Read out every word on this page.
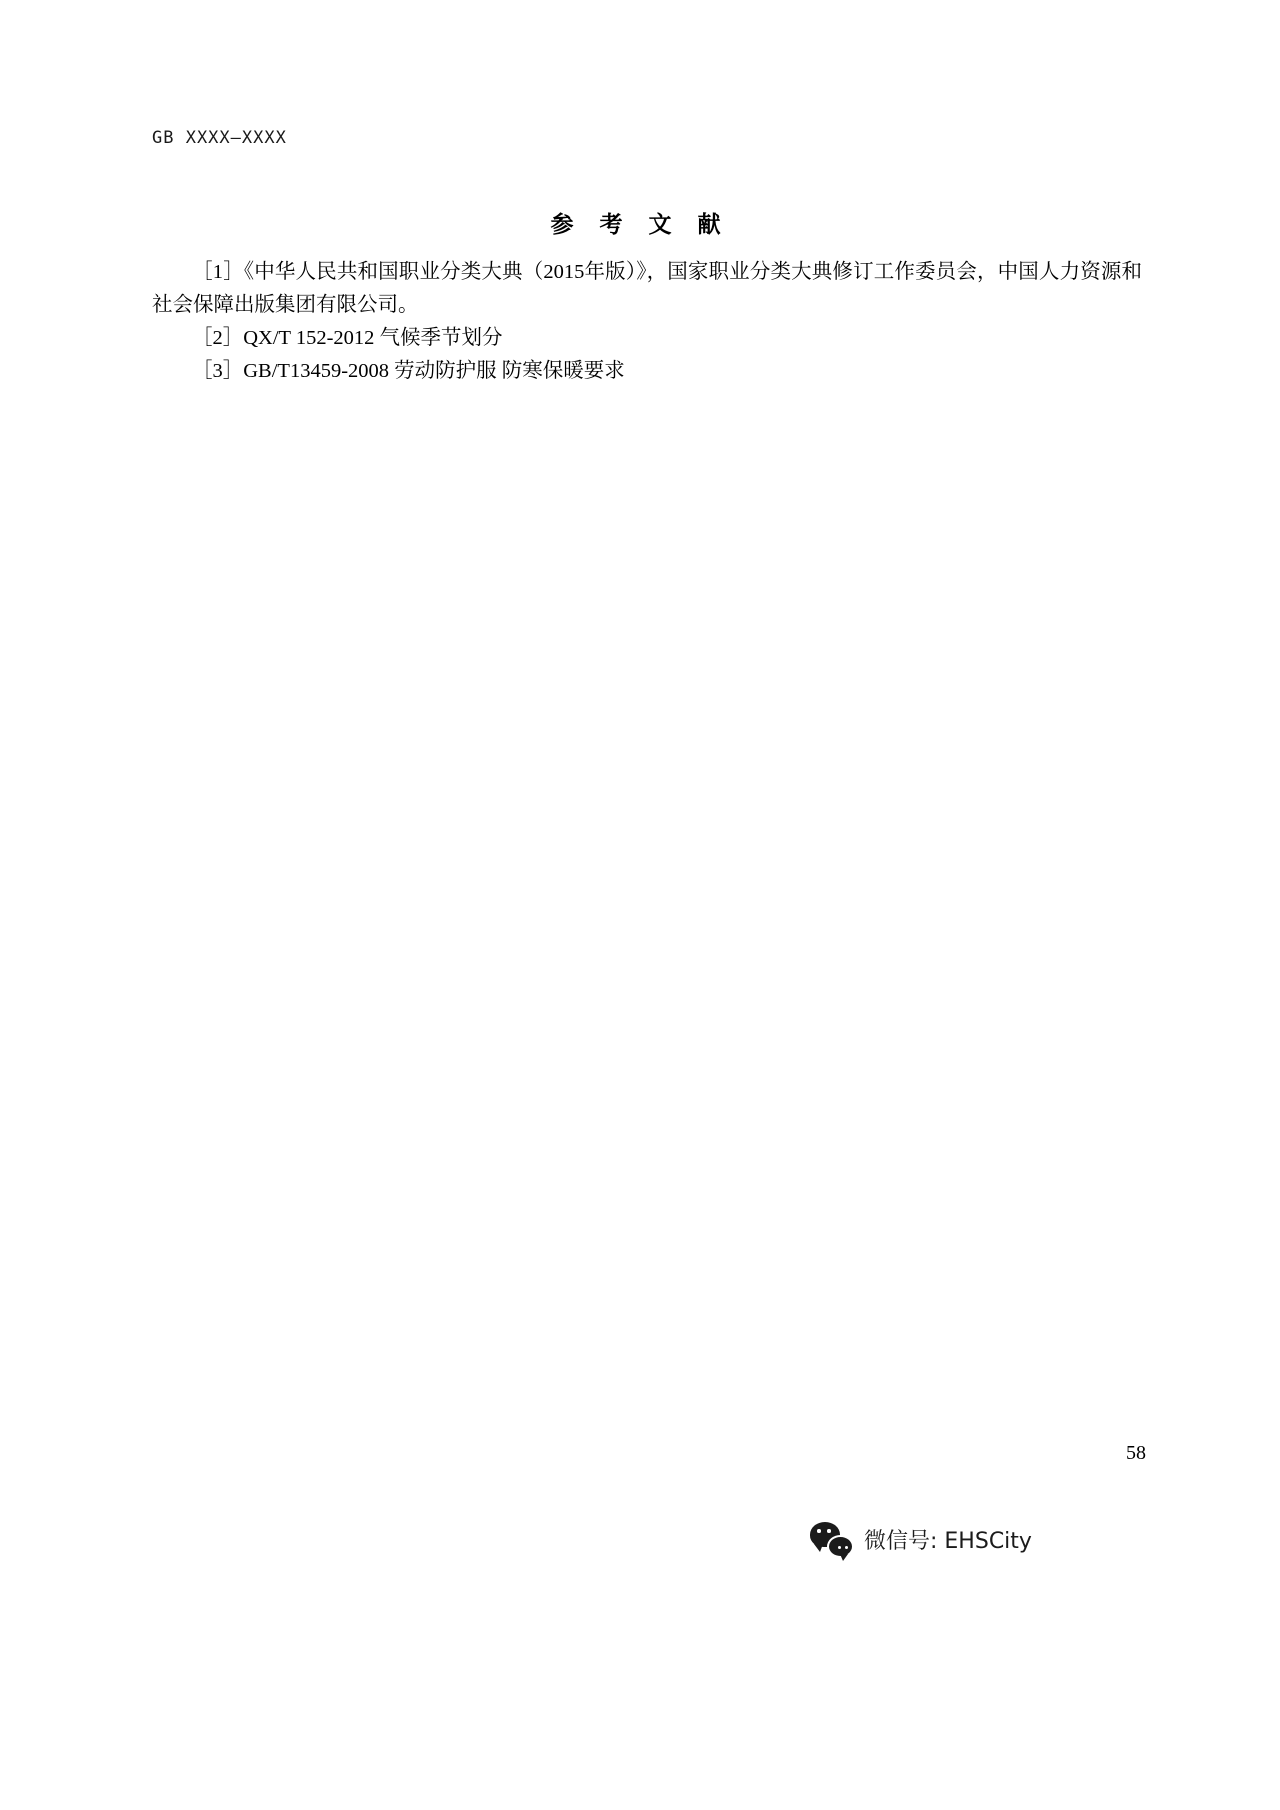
GB XXXX—XXXX
参 考 文 献
［1］《中华人民共和国职业分类大典（2015年版）》，国家职业分类大典修订工作委员会，中国人力资源和社会保障出版集团有限公司。
［2］QX/T 152-2012 气候季节划分
［3］GB/T13459-2008 劳动防护服 防寒保暖要求
58
微信号: EHSCity
